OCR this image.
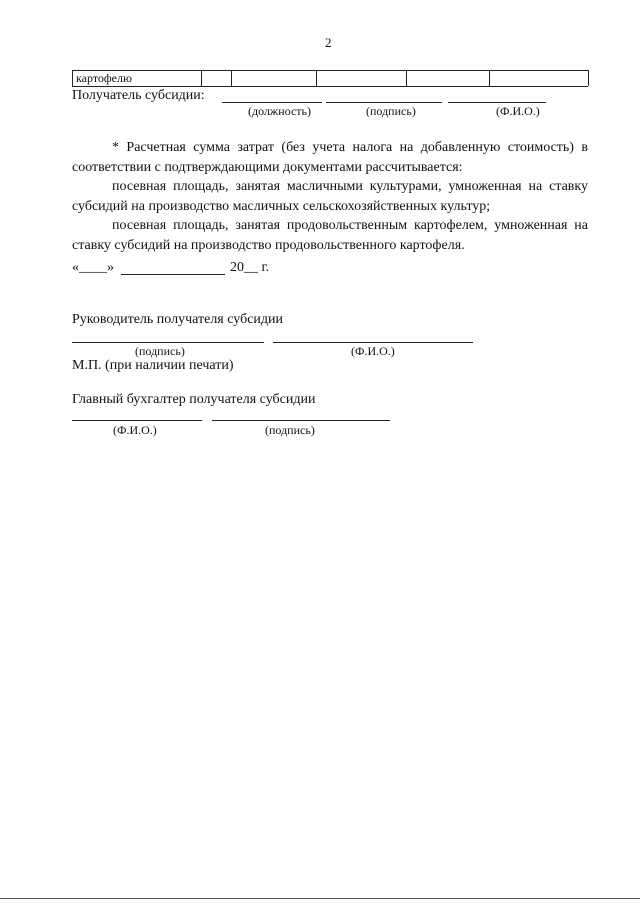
2
картофелю
Получатель субсидии:
(должность)	(подпись)	(Ф.И.О.)
* Расчетная сумма затрат (без учета налога на добавленную стоимость) в соответствии с подтверждающими документами рассчитывается:
посевная площадь, занятая масличными культурами, умноженная на ставку субсидий на производство масличных сельскохозяйственных культур;
посевная площадь, занятая продовольственным картофелем, умноженная на ставку субсидий на производство продовольственного картофеля.
«____»	20__ г.
Руководитель получателя субсидии
(подпись)	(Ф.И.О.)
М.П. (при наличии печати)
Главный бухгалтер получателя субсидии
(Ф.И.О.)	(подпись)
